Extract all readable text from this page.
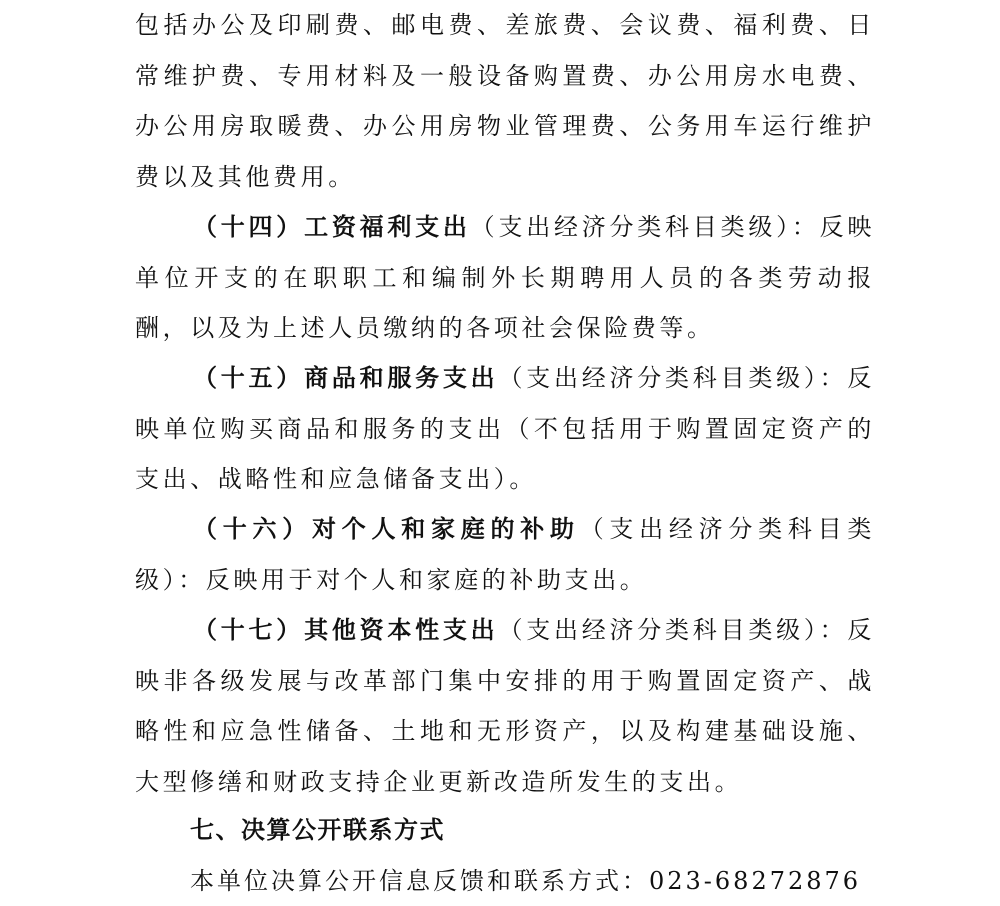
包括办公及印刷费、邮电费、差旅费、会议费、福利费、日常维护费、专用材料及一般设备购置费、办公用房水电费、办公用房取暖费、办公用房物业管理费、公务用车运行维护费以及其他费用。

（十四）工资福利支出（支出经济分类科目类级）：反映单位开支的在职职工和编制外长期聘用人员的各类劳动报酬，以及为上述人员缴纳的各项社会保险费等。

（十五）商品和服务支出（支出经济分类科目类级）：反映单位购买商品和服务的支出（不包括用于购置固定资产的支出、战略性和应急储备支出）。

（十六）对个人和家庭的补助（支出经济分类科目类级）：反映用于对个人和家庭的补助支出。

（十七）其他资本性支出（支出经济分类科目类级）：反映非各级发展与改革部门集中安排的用于购置固定资产、战略性和应急性储备、土地和无形资产，以及构建基础设施、大型修缮和财政支持企业更新改造所发生的支出。

七、决算公开联系方式

本单位决算公开信息反馈和联系方式：023-68272876
